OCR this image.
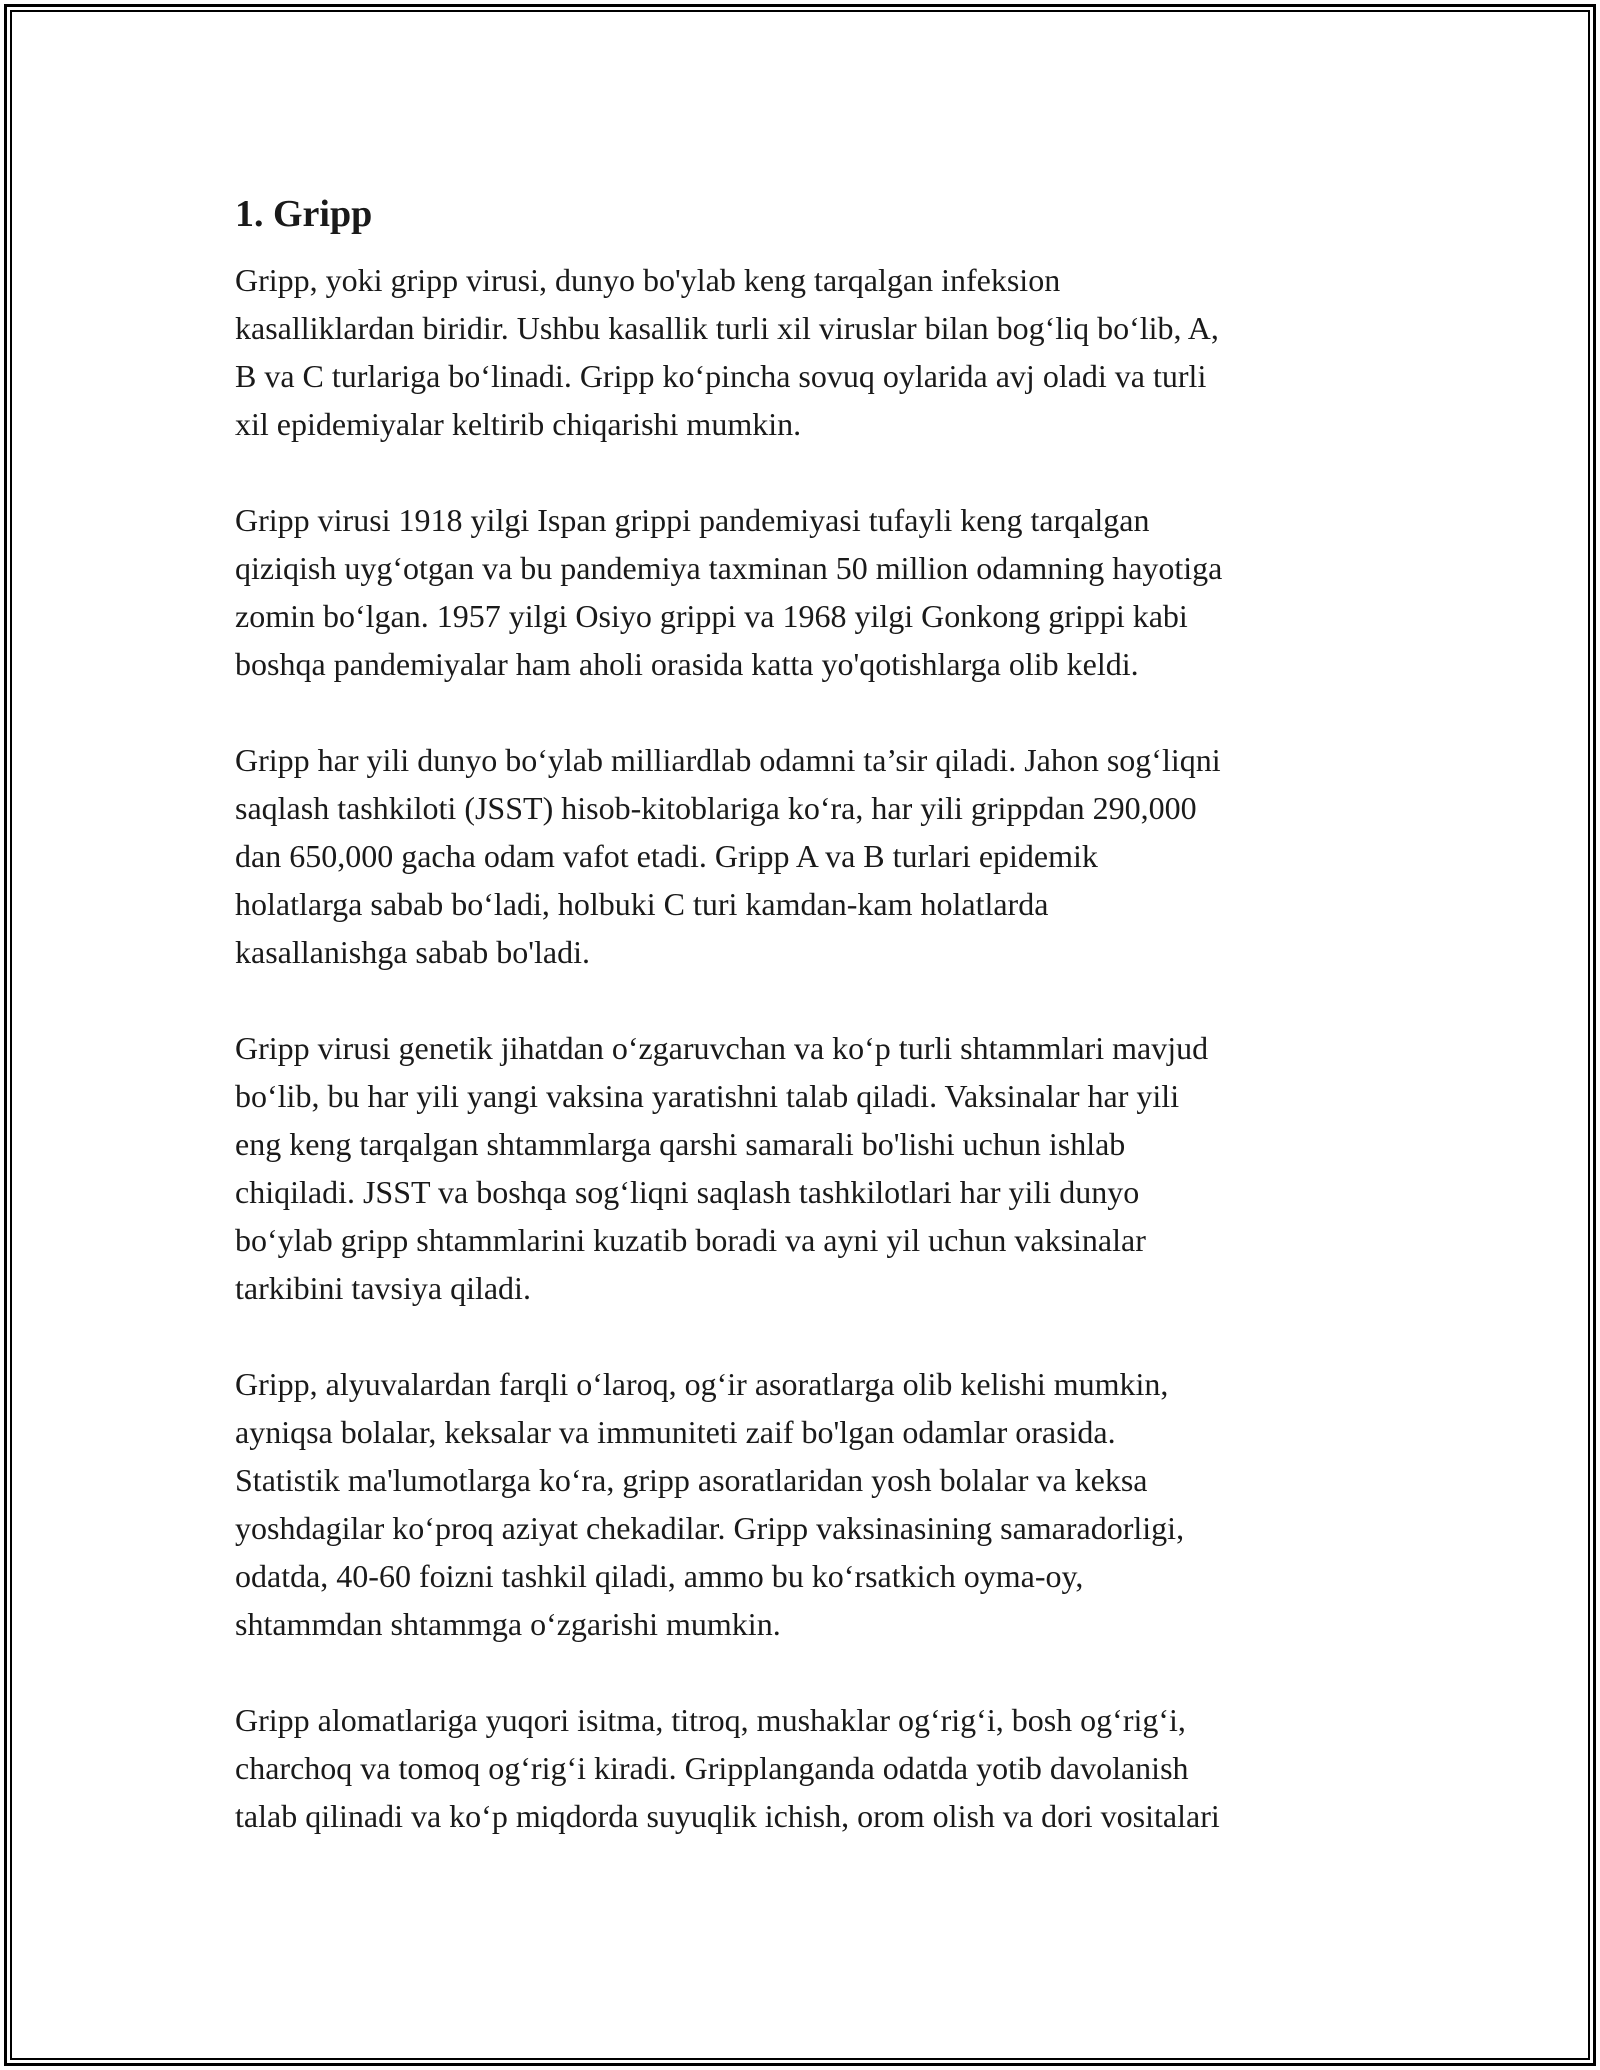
1. Gripp

Gripp, yoki gripp virusi, dunyo bo'ylab keng tarqalgan infeksion
kasalliklardan biridir. Ushbu kasallik turli xil viruslar bilan bog‘liq bo‘lib, A,
B va C turlariga bo‘linadi. Gripp ko‘pincha sovuq oylarida avj oladi va turli
xil epidemiyalar keltirib chiqarishi mumkin.

Gripp virusi 1918 yilgi Ispan grippi pandemiyasi tufayli keng tarqalgan
qiziqish uyg‘otgan va bu pandemiya taxminan 50 million odamning hayotiga
zomin bo‘lgan. 1957 yilgi Osiyo grippi va 1968 yilgi Gonkong grippi kabi
boshqa pandemiyalar ham aholi orasida katta yo'qotishlarga olib keldi.

Gripp har yili dunyo bo‘ylab milliardlab odamni ta’sir qiladi. Jahon sog‘liqni
saqlash tashkiloti (JSST) hisob-kitoblariga ko‘ra, har yili grippdan 290,000
dan 650,000 gacha odam vafot etadi. Gripp A va B turlari epidemik
holatlarga sabab bo‘ladi, holbuki C turi kamdan-kam holatlarda
kasallanishga sabab bo'ladi.

Gripp virusi genetik jihatdan o‘zgaruvchan va ko‘p turli shtammlari mavjud
bo‘lib, bu har yili yangi vaksina yaratishni talab qiladi. Vaksinalar har yili
eng keng tarqalgan shtammlarga qarshi samarali bo'lishi uchun ishlab
chiqiladi. JSST va boshqa sog‘liqni saqlash tashkilotlari har yili dunyo
bo‘ylab gripp shtammlarini kuzatib boradi va ayni yil uchun vaksinalar
tarkibini tavsiya qiladi.

Gripp, alyuvalardan farqli o‘laroq, og‘ir asoratlarga olib kelishi mumkin,
ayniqsa bolalar, keksalar va immuniteti zaif bo'lgan odamlar orasida.
Statistik ma'lumotlarga ko‘ra, gripp asoratlaridan yosh bolalar va keksa
yoshdagilar ko‘proq aziyat chekadilar. Gripp vaksinasining samaradorligi,
odatda, 40-60 foizni tashkil qiladi, ammo bu ko‘rsatkich oyma-oy,
shtammdan shtammga o‘zgarishi mumkin.

Gripp alomatlariga yuqori isitma, titroq, mushaklar og‘rig‘i, bosh og‘rig‘i,
charchoq va tomoq og‘rig‘i kiradi. Gripplanganda odatda yotib davolanish
talab qilinadi va ko‘p miqdorda suyuqlik ichish, orom olish va dori vositalari
